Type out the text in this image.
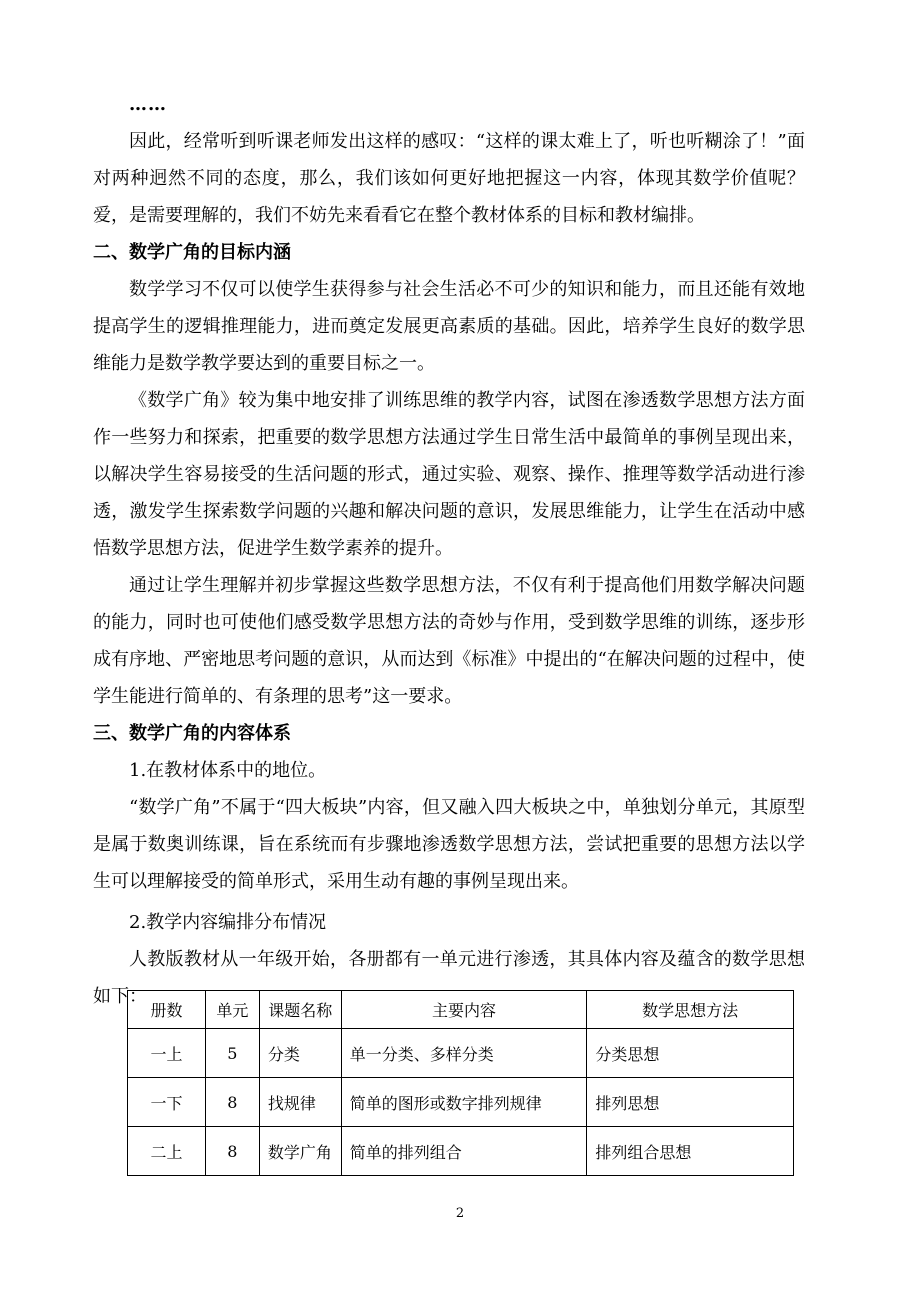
……

因此，经常听到听课老师发出这样的感叹：“这样的课太难上了，听也听糊涂了！”面对两种迥然不同的态度，那么，我们该如何更好地把握这一内容，体现其数学价值呢？爱，是需要理解的，我们不妨先来看看它在整个教材体系的目标和教材编排。

二、数学广角的目标内涵

数学学习不仅可以使学生获得参与社会生活必不可少的知识和能力，而且还能有效地提高学生的逻辑推理能力，进而奠定发展更高素质的基础。因此，培养学生良好的数学思维能力是数学教学要达到的重要目标之一。

《数学广角》较为集中地安排了训练思维的教学内容，试图在渗透数学思想方法方面作一些努力和探索，把重要的数学思想方法通过学生日常生活中最简单的事例呈现出来，以解决学生容易接受的生活问题的形式，通过实验、观察、操作、推理等数学活动进行渗透，激发学生探索数学问题的兴趣和解决问题的意识，发展思维能力，让学生在活动中感悟数学思想方法，促进学生数学素养的提升。

通过让学生理解并初步掌握这些数学思想方法，不仅有利于提高他们用数学解决问题的能力，同时也可使他们感受数学思想方法的奇妙与作用，受到数学思维的训练，逐步形成有序地、严密地思考问题的意识，从而达到《标准》中提出的“在解决问题的过程中，使学生能进行简单的、有条理的思考”这一要求。

三、数学广角的内容体系

1.在教材体系中的地位。

“数学广角”不属于“四大板块”内容，但又融入四大板块之中，单独划分单元，其原型是属于数奥训练课，旨在系统而有步骤地渗透数学思想方法，尝试把重要的思想方法以学生可以理解接受的简单形式，采用生动有趣的事例呈现出来。

2.教学内容编排分布情况

人教版教材从一年级开始，各册都有一单元进行渗透，其具体内容及蕴含的数学思想如下：

册数	单元	课题名称	主要内容	数学思想方法
一上	5	分类	单一分类、多样分类	分类思想
一下	8	找规律	简单的图形或数字排列规律	排列思想
二上	8	数学广角	简单的排列组合	排列组合思想
2
